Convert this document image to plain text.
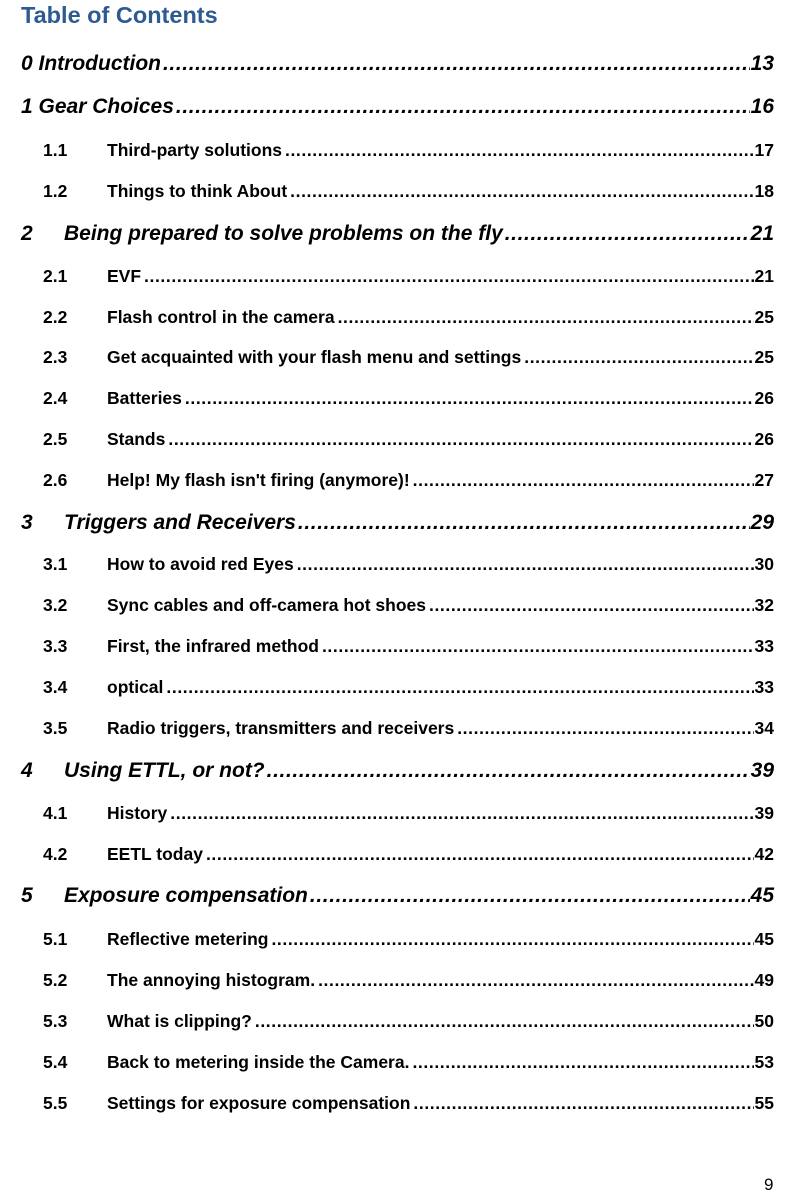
Table of Contents
0 Introduction .....	13
1 Gear Choices .....	16
1.1	Third-party solutions .....	17
1.2	Things to think About .....	18
2	Being prepared to solve problems on the fly .....	21
2.1	EVF .....	21
2.2	Flash control in the camera .....	25
2.3	Get acquainted with your flash menu and settings .....	25
2.4	Batteries .....	26
2.5	Stands .....	26
2.6	Help! My flash isn't firing (anymore)! .....	27
3	Triggers and Receivers .....	29
3.1	How to avoid red Eyes .....	30
3.2	Sync cables and off-camera hot shoes .....	32
3.3	First, the infrared method .....	33
3.4	optical .....	33
3.5	Radio triggers, transmitters and receivers .....	34
4	Using ETTL, or not? .....	39
4.1	History .....	39
4.2	EETL today .....	42
5	Exposure compensation .....	45
5.1	Reflective metering .....	45
5.2	The annoying histogram. .....	49
5.3	What is clipping? .....	50
5.4	Back to metering inside the Camera. .....	53
5.5	Settings for exposure compensation .....	55
9
